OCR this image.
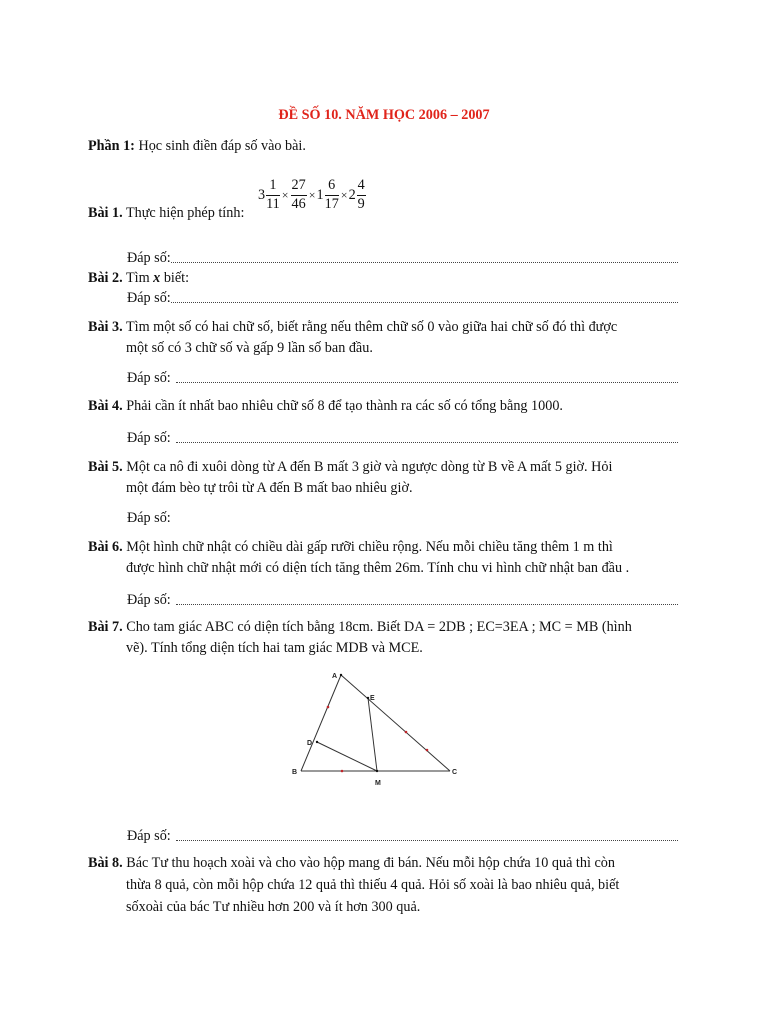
ĐỀ SỐ 10. NĂM HỌC 2006 – 2007
Phần 1: Học sinh điền đáp số vào bài.
$3 \frac{1}{11} \times \frac{27}{46} \times 1 \frac{6}{17} \times 2 \frac{4}{9}$
Bài 1. Thực hiện phép tính:
Đáp số:
Bài 2. Tìm x biết:
Đáp số:
Bài 3. Tìm một số có hai chữ số, biết rằng nếu thêm chữ số 0 vào giữa hai chữ số đó thì được
một số có 3 chữ số và gấp 9 lần số ban đầu.
Đáp số:
Bài 4. Phải cần ít nhất bao nhiêu chữ số 8 để tạo thành ra các số có tổng bằng 1000.
Đáp số:
Bài 5. Một ca nô đi xuôi dòng từ A đến B mất 3 giờ và ngược dòng từ B về A mất 5 giờ. Hỏi
một đám bèo tự trôi từ A đến B mất bao nhiêu giờ.
Đáp số:
Bài 6. Một hình chữ nhật có chiều dài gấp rưỡi chiều rộng. Nếu mỗi chiều tăng thêm 1 m thì
được hình chữ nhật mới có diện tích tăng thêm 26m. Tính chu vi hình chữ nhật ban đầu .
Đáp số:
Bài 7. Cho tam giác ABC có diện tích bằng 18cm. Biết DA = 2DB ; EC=3EA ; MC = MB (hình
vẽ). Tính tổng diện tích hai tam giác MDB và MCE.
A
E
D
B
M
C
Đáp số:
Bài 8. Bác Tư thu hoạch xoài và cho vào hộp mang đi bán. Nếu mỗi hộp chứa 10 quả thì còn
thừa 8 quả, còn mỗi hộp chứa 12 quả thì thiếu 4 quả. Hỏi số xoài là bao nhiêu quả, biết
sốxoài của bác Tư nhiều hơn 200 và ít hơn 300 quả.
